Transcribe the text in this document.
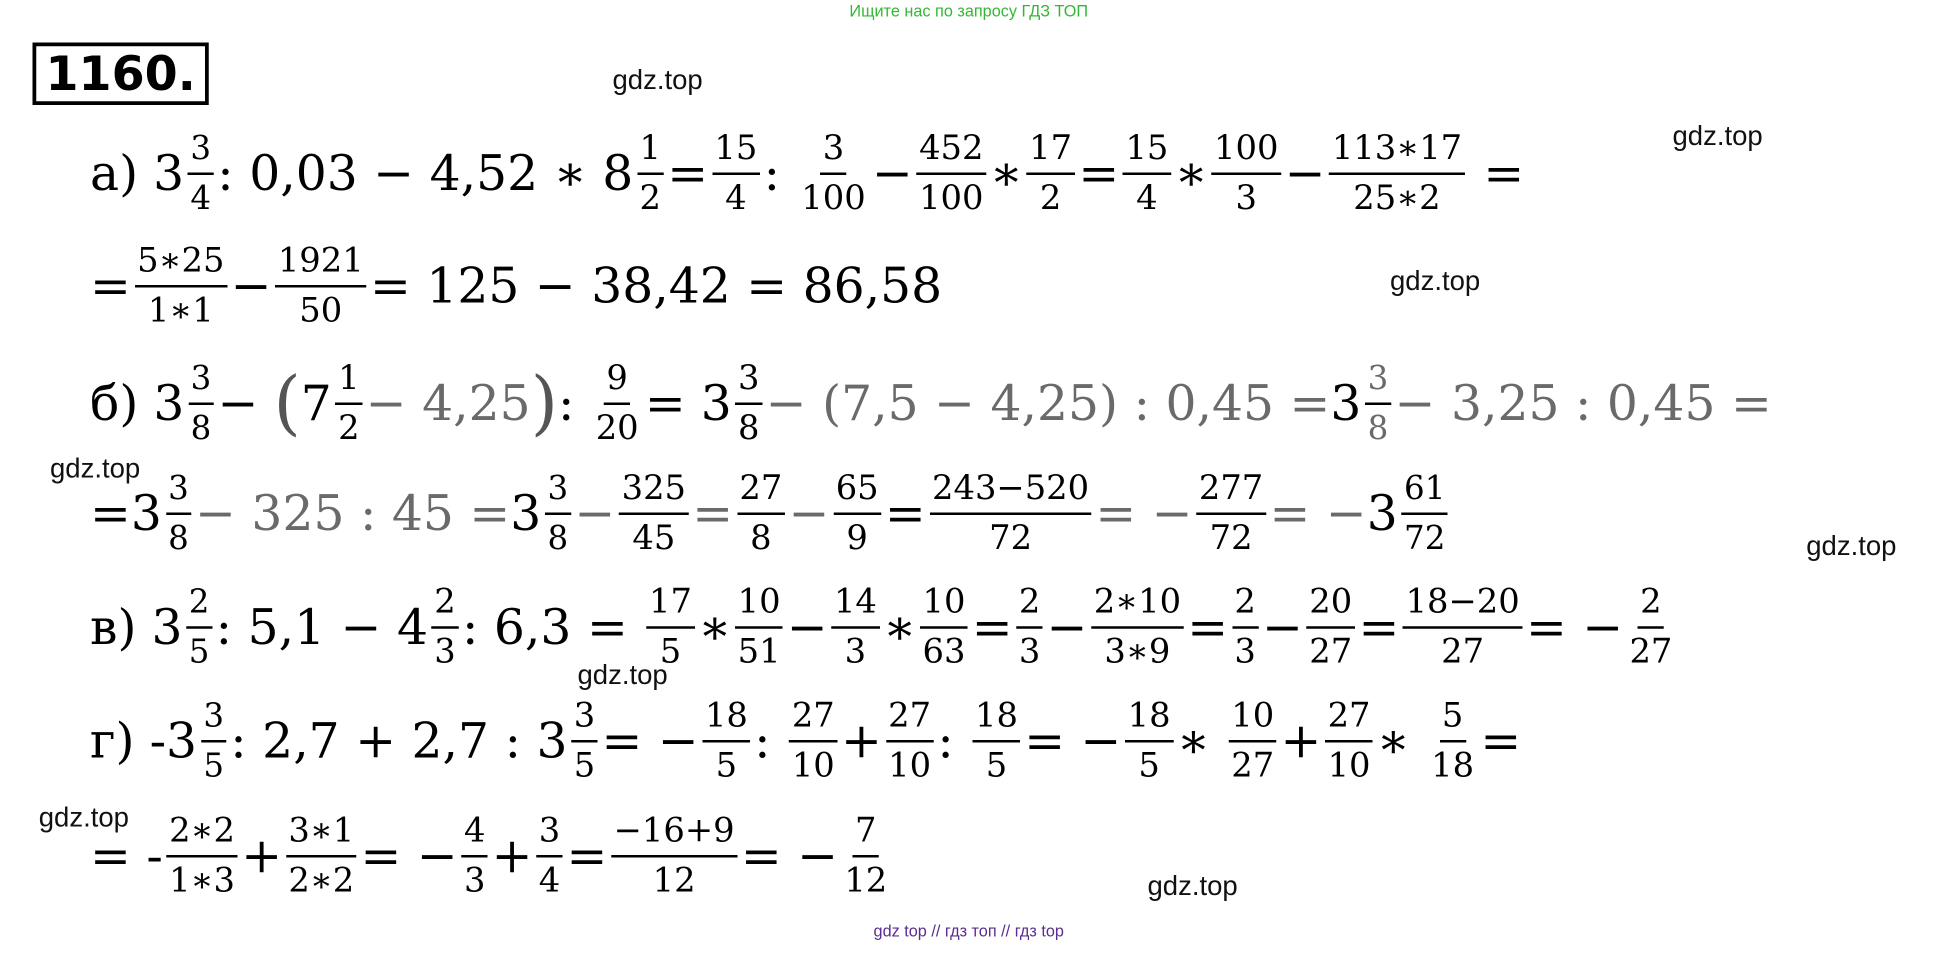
Ищите нас по запросу ГДЗ ТОП
1160.	gdz.top
gdz.top
gdz.top
gdz.top
gdz.top
gdz.top
gdz.top
gdz.top
а) $3 \frac{3}{4}$ : 0,03 − 4,52 ∗ $8 \frac{1}{2} = \frac{15}{4}$ : $\frac{3}{100} - \frac{452}{100}$ ∗ $\frac{17}{2} = \frac{15}{4}$ ∗ $\frac{100}{3} - \frac{113∗17}{25∗2}$ =
= $\frac{5∗25}{1∗1} - \frac{1921}{50} = 125 - 38,42 = 86,58$
б) $3 \frac{3}{8}$ − ( $7 \frac{1}{2} - 4,25$ ) : $\frac{9}{20} = 3 \frac{3}{8} - (7,5 - 4,25)$ : $0,45 = 3 \frac{3}{8} - 3,25$ : 0,45 =
= $3 \frac{3}{8} - 325$ : $45 = 3 \frac{3}{8} - \frac{325}{45} = \frac{27}{8} - \frac{65}{9} = \frac{243-520}{72}$ = − $\frac{277}{72}$ = − $3 \frac{61}{72}$
в) $3 \frac{2}{5}$ : $5,1 - 4 \frac{2}{3}$ : $6,3 = \frac{17}{5}$ ∗ $\frac{10}{51} - \frac{14}{3}$ ∗ $\frac{10}{63} = \frac{2}{3} - \frac{2∗10}{3∗9} = \frac{2}{3} - \frac{20}{27} = \frac{18-20}{27}$ = − $\frac{2}{27}$
г) $-3 \frac{3}{5}$ : 2,7 + 2,7 : $3 \frac{3}{5}$ = − $\frac{18}{5}$ : $\frac{27}{10} + \frac{27}{10}$ : $\frac{18}{5}$ = − $\frac{18}{5}$ ∗ $\frac{10}{27} + \frac{27}{10}$ ∗ $\frac{5}{18}$ =
= - $\frac{2∗2}{1∗3} + \frac{3∗1}{2∗2}$ = − $\frac{4}{3} + \frac{3}{4} = \frac{-16+9}{12}$ = − $\frac{7}{12}$
gdz top // гдз топ // гдз top
